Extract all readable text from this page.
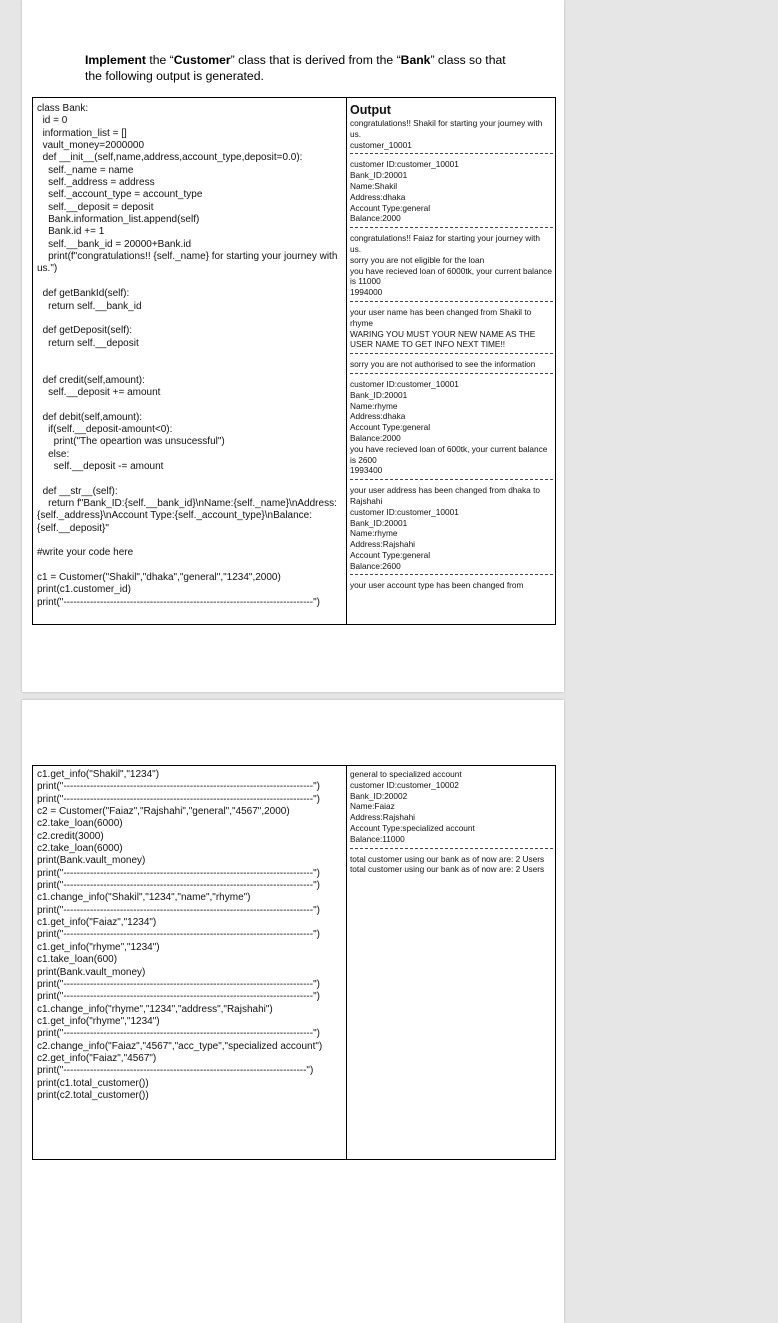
Implement the “Customer” class that is derived from the “Bank” class so that the following output is generated.
class Bank:
id = 0
information_list = []
vault_money=2000000
def __init__(self,name,address,account_type,deposit=0.0):
self._name = name
self._address = address
self._account_type = account_type
self.__deposit = deposit
Bank.information_list.append(self)
Bank.id += 1
self.__bank_id = 20000+Bank.id
print(f"congratulations!! {self._name} for starting your journey with us.")
def getBankId(self):
return self.__bank_id
def getDeposit(self):
return self.__deposit
def credit(self,amount):
self.__deposit += amount
def debit(self,amount):
if(self.__deposit-amount<0):
print("The opeartion was unsucessful")
else:
self.__deposit -= amount
def __str__(self):
return f"Bank_ID:{self.__bank_id}\nName:{self._name}\nAddress:{self._address}\nAccount Type:{self._account_type}\nBalance:{self.__deposit}"
#write your code here
c1 = Customer("Shakil","dhaka","general","1234",2000)
print(c1.customer_id)
print("---------------------------------------------------------------------------")
Output
congratulations!! Shakil for starting your journey with us.
customer_10001
customer ID:customer_10001
Bank_ID:20001
Name:Shakil
Address:dhaka
Account Type:general
Balance:2000
congratulations!! Faiaz for starting your journey with us.
sorry you are not eligible for the loan
you have recieved loan of 6000tk, your current balance is 11000
1994000
your user name has been changed from Shakil to rhyme
WARING YOU MUST YOUR NEW NAME AS THE USER NAME TO GET INFO NEXT TIME!!
sorry you are not authorised to see the information
customer ID:customer_10001
Bank_ID:20001
Name:rhyme
Address:dhaka
Account Type:general
Balance:2000
you have recieved loan of 600tk, your current balance is 2600
1993400
your user address has been changed from dhaka to Rajshahi
customer ID:customer_10001
Bank_ID:20001
Name:rhyme
Address:Rajshahi
Account Type:general
Balance:2600
your user account type has been changed from
c1.get_info("Shakil","1234")
print("---------------------------------------------------------------------------")
print("---------------------------------------------------------------------------")
c2 = Customer("Faiaz","Rajshahi","general","4567",2000)
c2.take_loan(6000)
c2.credit(3000)
c2.take_loan(6000)
print(Bank.vault_money)
print("---------------------------------------------------------------------------")
print("---------------------------------------------------------------------------")
c1.change_info("Shakil","1234","name","rhyme")
print("---------------------------------------------------------------------------")
c1.get_info("Faiaz","1234")
print("---------------------------------------------------------------------------")
c1.get_info("rhyme","1234")
c1.take_loan(600)
print(Bank.vault_money)
print("---------------------------------------------------------------------------")
print("---------------------------------------------------------------------------")
c1.change_info("rhyme","1234","address","Rajshahi")
c1.get_info("rhyme","1234")
print("---------------------------------------------------------------------------")
c2.change_info("Faiaz","4567","acc_type","specialized account")
c2.get_info("Faiaz","4567")
print("-------------------------------------------------------------------------")
print(c1.total_customer())
print(c2.total_customer())
general to specialized account
customer ID:customer_10002
Bank_ID:20002
Name:Faiaz
Address:Rajshahi
Account Type:specialized account
Balance:11000
total customer using our bank as of now are: 2 Users
total customer using our bank as of now are: 2 Users
